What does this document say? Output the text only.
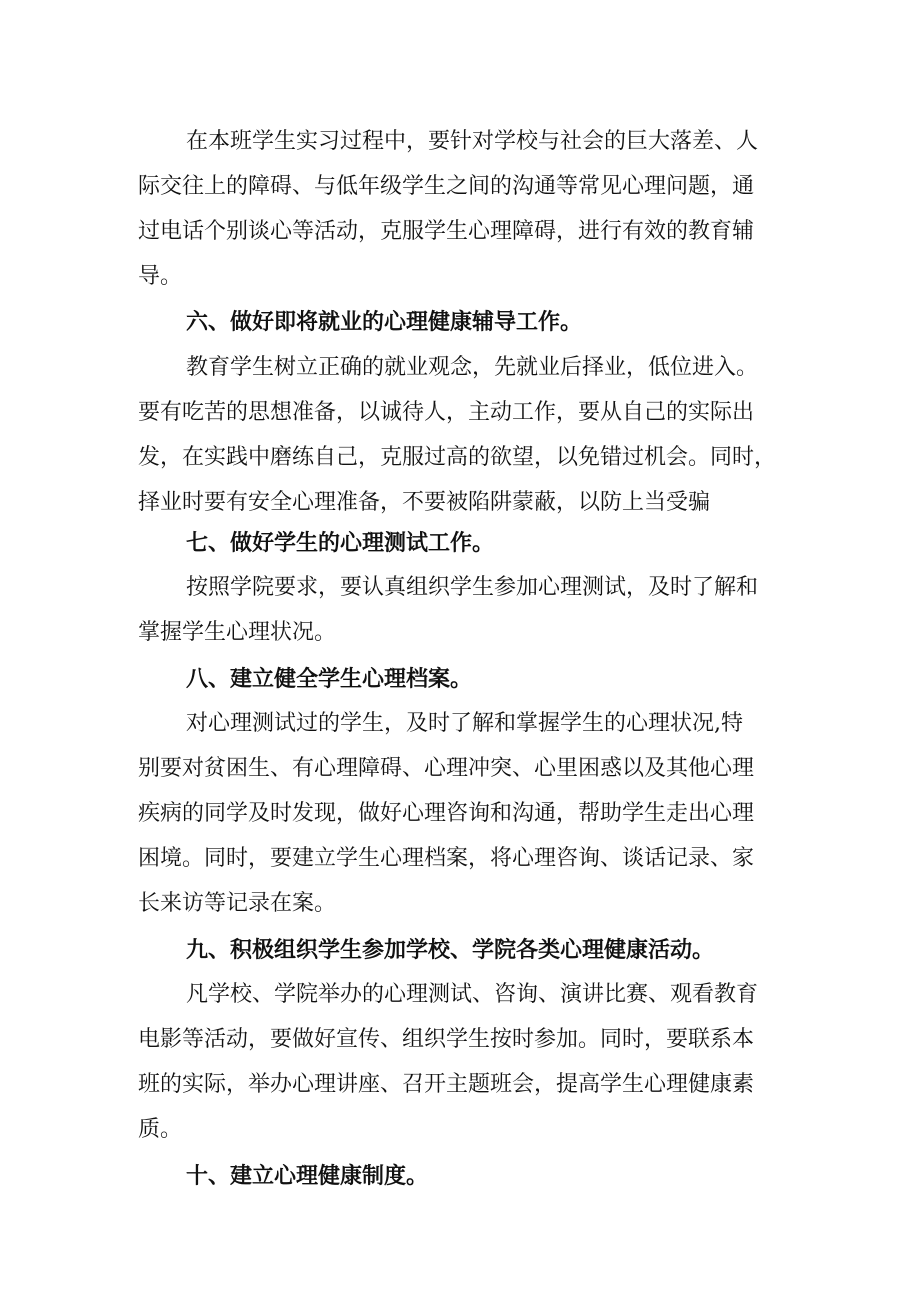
在本班学生实习过程中，要针对学校与社会的巨大落差、人
际交往上的障碍、与低年级学生之间的沟通等常见心理问题，通
过电话个别谈心等活动，克服学生心理障碍，进行有效的教育辅
导。
六、做好即将就业的心理健康辅导工作。
教育学生树立正确的就业观念，先就业后择业，低位进入。
要有吃苦的思想准备，以诚待人，主动工作，要从自己的实际出
发，在实践中磨练自己，克服过高的欲望，以免错过机会。同时，
择业时要有安全心理准备，不要被陷阱蒙蔽，以防上当受骗
七、做好学生的心理测试工作。
按照学院要求，要认真组织学生参加心理测试，及时了解和
掌握学生心理状况。
八、建立健全学生心理档案。
对心理测试过的学生，及时了解和掌握学生的心理状况,特
别要对贫困生、有心理障碍、心理冲突、心里困惑以及其他心理
疾病的同学及时发现，做好心理咨询和沟通，帮助学生走出心理
困境。同时，要建立学生心理档案，将心理咨询、谈话记录、家
长来访等记录在案。
九、积极组织学生参加学校、学院各类心理健康活动。
凡学校、学院举办的心理测试、咨询、演讲比赛、观看教育
电影等活动，要做好宣传、组织学生按时参加。同时，要联系本
班的实际，举办心理讲座、召开主题班会，提高学生心理健康素
质。
十、建立心理健康制度。
